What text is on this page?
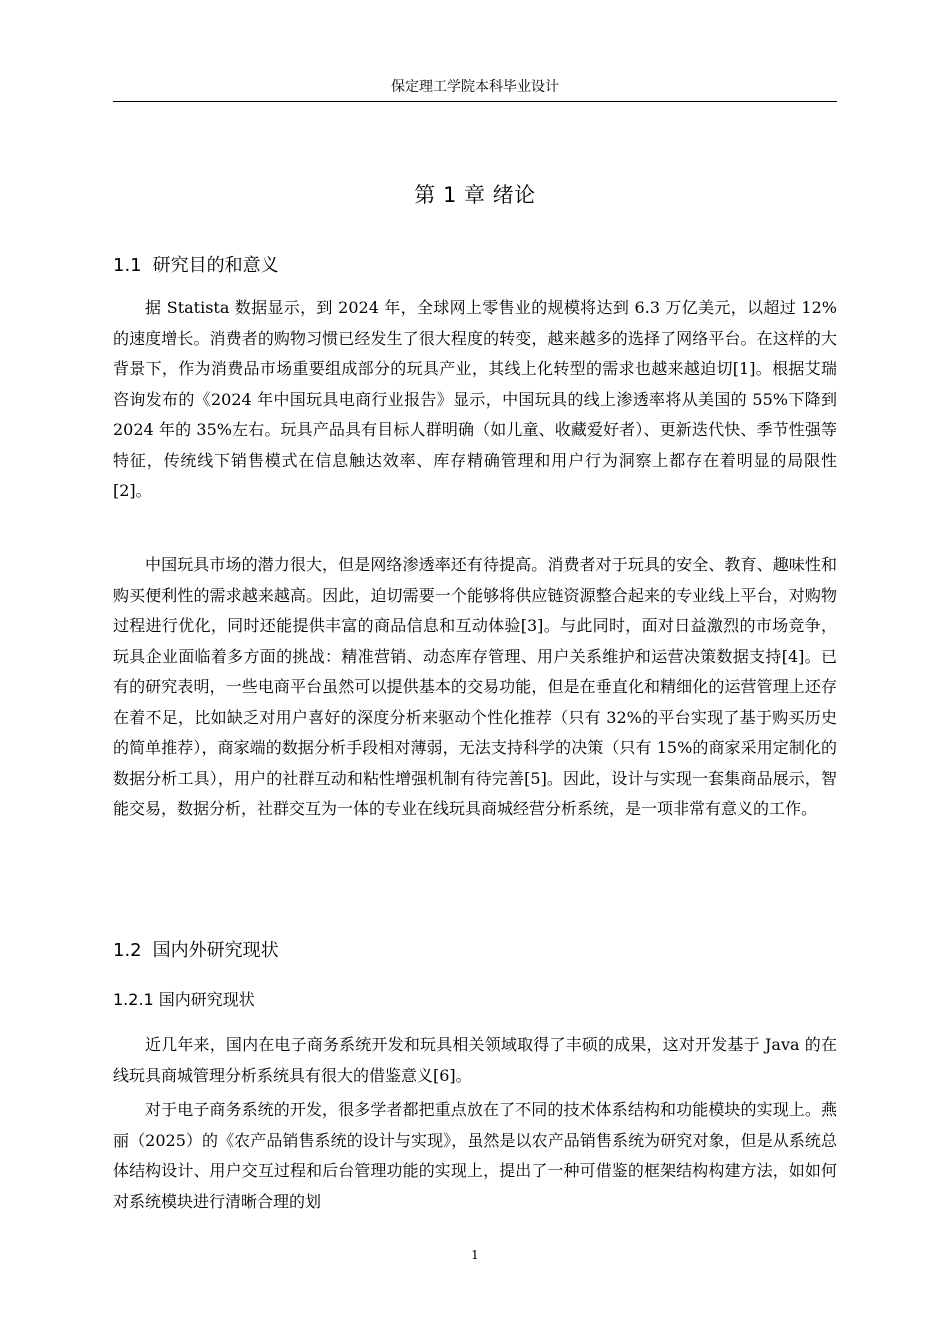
保定理工学院本科毕业设计
第 1 章 绪论
1.1 研究目的和意义

据 Statista 数据显示，到 2024 年，全球网上零售业的规模将达到 6.3 万亿美元，以超过 12%的速度增长。消费者的购物习惯已经发生了很大程度的转变，越来越多的选择了网络平台。在这样的大背景下，作为消费品市场重要组成部分的玩具产业，其线上化转型的需求也越来越迫切[1]。根据艾瑞咨询发布的《2024 年中国玩具电商行业报告》显示，中国玩具的线上渗透率将从美国的 55%下降到 2024 年的 35%左右。玩具产品具有目标人群明确（如儿童、收藏爱好者）、更新迭代快、季节性强等特征，传统线下销售模式在信息触达效率、库存精确管理和用户行为洞察上都存在着明显的局限性[2]。

中国玩具市场的潜力很大，但是网络渗透率还有待提高。消费者对于玩具的安全、教育、趣味性和购买便利性的需求越来越高。因此，迫切需要一个能够将供应链资源整合起来的专业线上平台，对购物过程进行优化，同时还能提供丰富的商品信息和互动体验[3]。与此同时，面对日益激烈的市场竞争，玩具企业面临着多方面的挑战：精准营销、动态库存管理、用户关系维护和运营决策数据支持[4]。已有的研究表明，一些电商平台虽然可以提供基本的交易功能，但是在垂直化和精细化的运营管理上还存在着不足，比如缺乏对用户喜好的深度分析来驱动个性化推荐（只有 32%的平台实现了基于购买历史的简单推荐），商家端的数据分析手段相对薄弱，无法支持科学的决策（只有 15%的商家采用定制化的数据分析工具），用户的社群互动和粘性增强机制有待完善[5]。因此，设计与实现一套集商品展示，智能交易，数据分析，社群交互为一体的专业在线玩具商城经营分析系统，是一项非常有意义的工作。

1.2 国内外研究现状
1.2.1 国内研究现状

近几年来，国内在电子商务系统开发和玩具相关领域取得了丰硕的成果，这对开发基于 Java 的在线玩具商城管理分析系统具有很大的借鉴意义[6]。

对于电子商务系统的开发，很多学者都把重点放在了不同的技术体系结构和功能模块的实现上。燕丽（2025）的《农产品销售系统的设计与实现》，虽然是以农产品销售系统为研究对象，但是从系统总体结构设计、用户交互过程和后台管理功能的实现上，提出了一种可借鉴的框架结构构建方法，如如何对系统模块进行清晰合理的划

1
